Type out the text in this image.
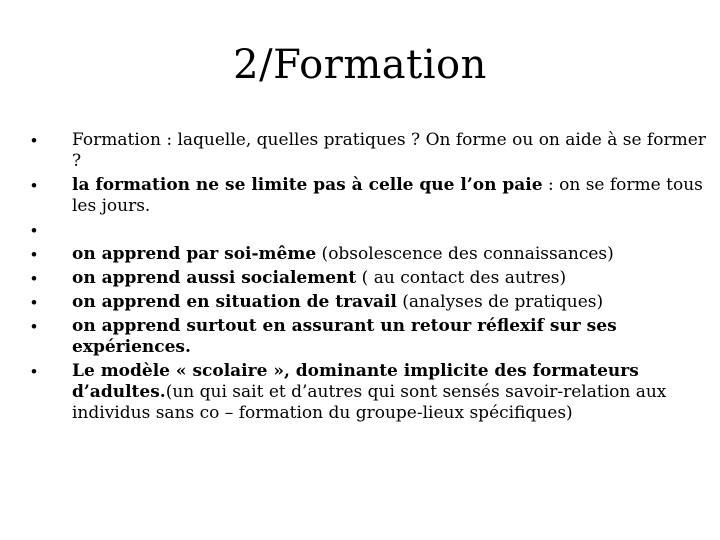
2/Formation
• Formation : laquelle, quelles pratiques ? On forme ou on aide à se former ?
• la formation ne se limite pas à celle que l’on paie : on se forme tous les jours.
•
• on apprend par soi-même (obsolescence des connaissances)
• on apprend aussi socialement ( au contact des autres)
• on apprend en situation de travail (analyses de pratiques)
• on apprend surtout en assurant un retour réflexif sur ses expériences.
• Le modèle « scolaire », dominante implicite des formateurs d’adultes.(un qui sait et d’autres qui sont sensés savoir-relation aux individus sans co – formation du groupe-lieux spécifiques)
